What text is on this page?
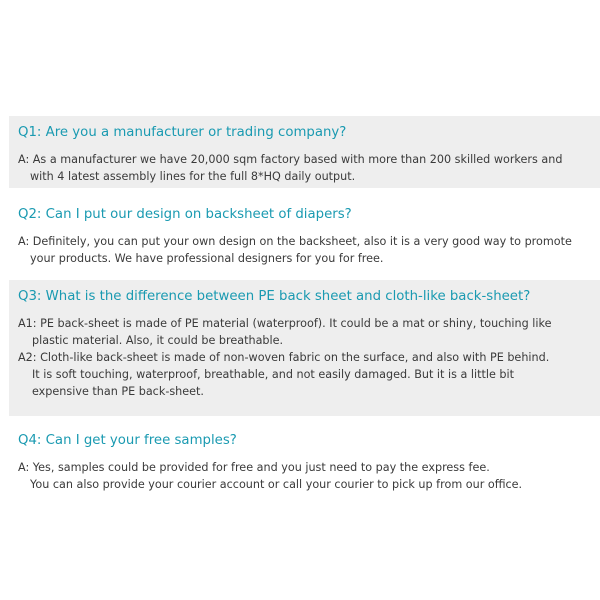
Q1: Are you a manufacturer or trading company?

A: As a manufacturer we have 20,000 sqm factory based with more than 200 skilled workers and
with 4 latest assembly lines for the full 8*HQ daily output.

Q2: Can I put our design on backsheet of diapers?

A: Definitely, you can put your own design on the backsheet, also it is a very good way to promote
your products. We have professional designers for you for free.

Q3: What is the difference between PE back sheet and cloth-like back-sheet?

A1: PE back-sheet is made of PE material (waterproof). It could be a mat or shiny, touching like
plastic material. Also, it could be breathable.
A2: Cloth-like back-sheet is made of non-woven fabric on the surface, and also with PE behind.
It is soft touching, waterproof, breathable, and not easily damaged. But it is a little bit
expensive than PE back-sheet.

Q4: Can I get your free samples?

A: Yes, samples could be provided for free and you just need to pay the express fee.
You can also provide your courier account or call your courier to pick up from our office.
